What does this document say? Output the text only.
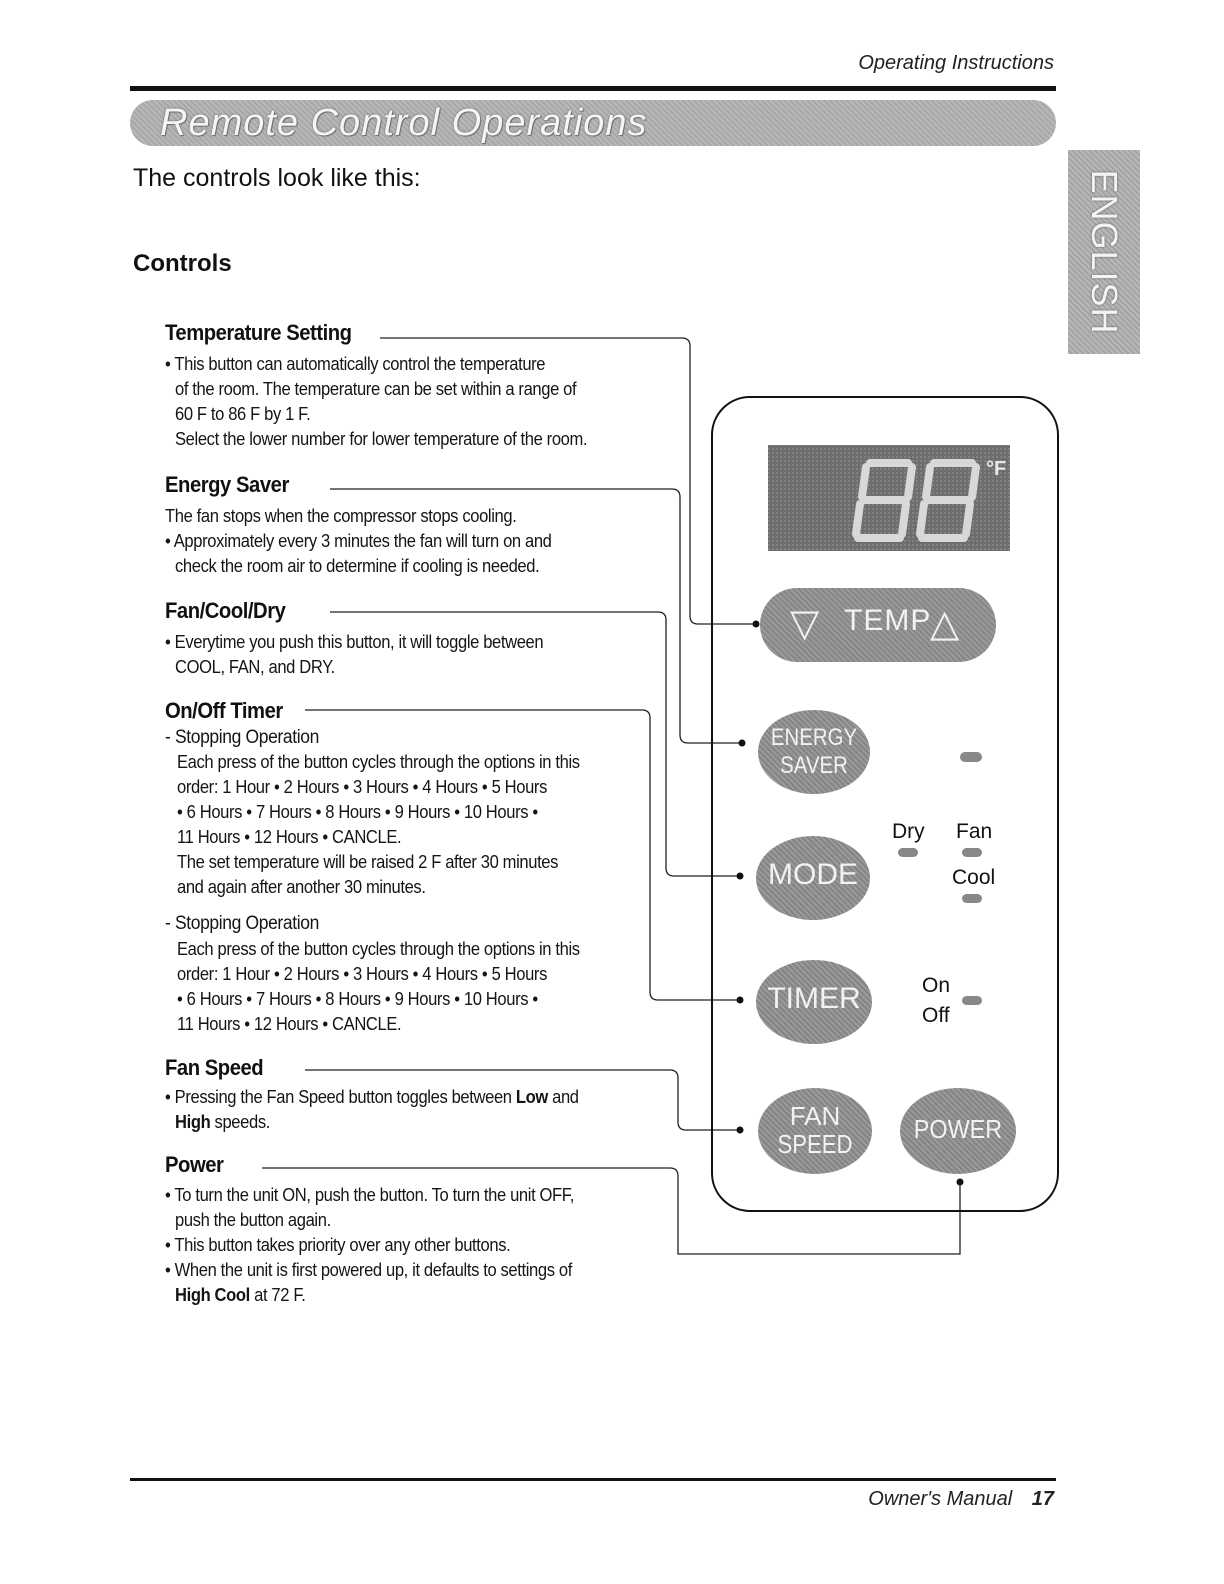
Operating Instructions
Remote Control Operations
ENGLISH
The controls look like this:
Controls
Temperature Setting
• This button can automatically control the temperature
of the room. The temperature can be set within a range of
60 F to 86 F by 1 F.
Select the lower number for lower temperature of the room.
Energy Saver
The fan stops when the compressor stops cooling.
• Approximately every 3 minutes the fan will turn on and
check the room air to determine if cooling is needed.
Fan/Cool/Dry
• Everytime you push this button, it will toggle between
COOL, FAN, and DRY.
On/Off Timer
- Stopping Operation
Each press of the button cycles through the options in this
order: 1 Hour • 2 Hours • 3 Hours • 4 Hours • 5 Hours
• 6 Hours • 7 Hours • 8 Hours • 9 Hours • 10 Hours •
11 Hours • 12 Hours • CANCLE.
The set temperature will be raised 2 F after 30 minutes
and again after another 30 minutes.
- Stopping Operation
Each press of the button cycles through the options in this
order: 1 Hour • 2 Hours • 3 Hours • 4 Hours • 5 Hours
• 6 Hours • 7 Hours • 8 Hours • 9 Hours • 10 Hours •
11 Hours • 12 Hours • CANCLE.
Fan Speed
• Pressing the Fan Speed button toggles between Low and
High speeds.
Power
• To turn the unit ON, push the button. To turn the unit OFF,
push the button again.
• This button takes priority over any other buttons.
• When the unit is first powered up, it defaults to settings of
High Cool at 72 F.
°F
▽ TEMP
△
ENERGY
SAVER
MODE
Dry Fan
Cool
TIMER	On
Off
FAN
SPEED	POWER
Owner's Manual 17
